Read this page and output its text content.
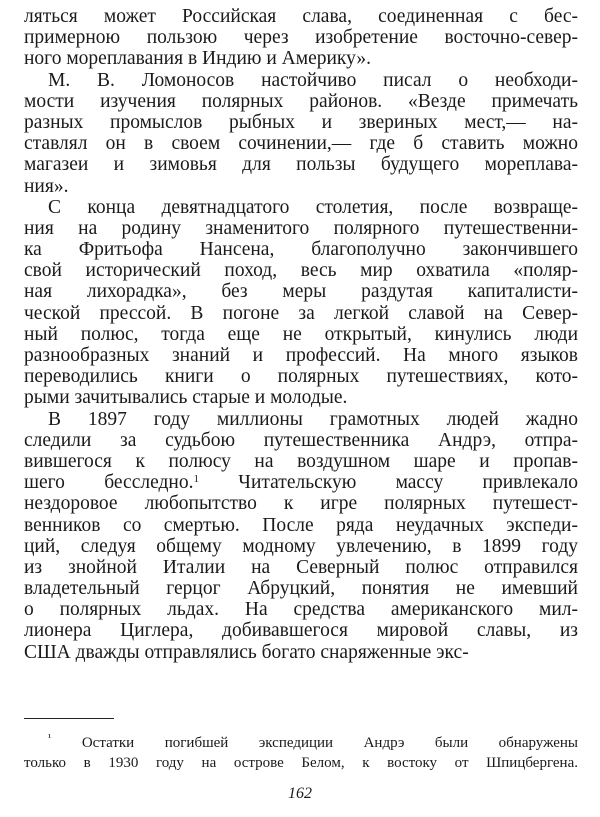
ляться может Российская слава, соединенная с бес-
примерною пользою через изобретение восточно-север-
ного мореплавания в Индию и Америку».
М. В. Ломоносов настойчиво писал о необходи-
мости изучения полярных районов. «Везде примечать
разных промыслов рыбных и звериных мест,— на-
ставлял он в своем сочинении,— где б ставить можно
магазеи и зимовья для пользы будущего мореплава-
ния».
С конца девятнадцатого столетия, после возвраще-
ния на родину знаменитого полярного путешественни-
ка Фритьофа Нансена, благополучно закончившего
свой исторический поход, весь мир охватила «поляр-
ная лихорадка», без меры раздутая капиталисти-
ческой прессой. В погоне за легкой славой на Север-
ный полюс, тогда еще не открытый, кинулись люди
разнообразных знаний и профессий. На много языков
переводились книги о полярных путешествиях, кото-
рыми зачитывались старые и молодые.
В 1897 году миллионы грамотных людей жадно
следили за судьбою путешественника Андрэ, отпра-
вившегося к полюсу на воздушном шаре и пропав-
шего бесследно.$^1$ Читательскую массу привлекало
нездоровое любопытство к игре полярных путешест-
венников со смертью. После ряда неудачных экспеди-
ций, следуя общему модному увлечению, в 1899 году
из знойной Италии на Северный полюс отправился
владетельный герцог Абруцкий, понятия не имевший
о полярных льдах. На средства американского мил-
лионера Циглера, добивавшегося мировой славы, из
США дважды отправлялись богато снаряженные экс-
$^{^1}$ Остатки погибшей экспедиции Андрэ были обнаружены
только в 1930 году на острове Белом, к востоку от Шпицбергена.
162
